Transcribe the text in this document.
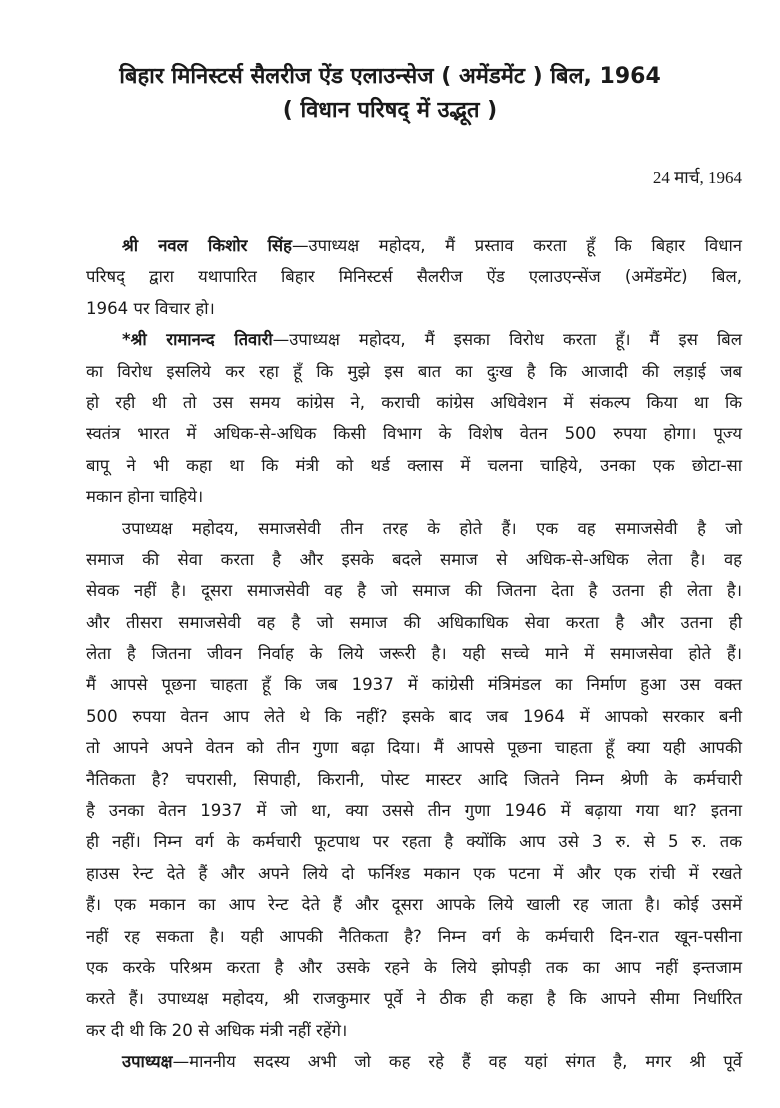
बिहार मिनिस्टर्स सैलरीज ऐंड एलाउन्सेज ( अमेंडमेंट ) बिल, 1964
( विधान परिषद् में उद्भूत )
24 मार्च, 1964
श्री नवल किशोर सिंह—उपाध्यक्ष महोदय, मैं प्रस्ताव करता हूँ कि बिहार विधान
परिषद् द्वारा यथापारित बिहार मिनिस्टर्स सैलरीज ऐंड एलाउएन्सेंज (अमेंडमेंट) बिल,
1964 पर विचार हो।
*श्री रामानन्द तिवारी—उपाध्यक्ष महोदय, मैं इसका विरोध करता हूँ। मैं इस बिल
का विरोध इसलिये कर रहा हूँ कि मुझे इस बात का दुःख है कि आजादी की लड़ाई जब
हो रही थी तो उस समय कांग्रेस ने, कराची कांग्रेस अधिवेशन में संकल्प किया था कि
स्वतंत्र भारत में अधिक-से-अधिक किसी विभाग के विशेष वेतन 500 रुपया होगा। पूज्य
बापू ने भी कहा था कि मंत्री को थर्ड क्लास में चलना चाहिये, उनका एक छोटा-सा
मकान होना चाहिये।
उपाध्यक्ष महोदय, समाजसेवी तीन तरह के होते हैं। एक वह समाजसेवी है जो
समाज की सेवा करता है और इसके बदले समाज से अधिक-से-अधिक लेता है। वह
सेवक नहीं है। दूसरा समाजसेवी वह है जो समाज की जितना देता है उतना ही लेता है।
और तीसरा समाजसेवी वह है जो समाज की अधिकाधिक सेवा करता है और उतना ही
लेता है जितना जीवन निर्वाह के लिये जरूरी है। यही सच्चे माने में समाजसेवा होते हैं।
मैं आपसे पूछना चाहता हूँ कि जब 1937 में कांग्रेसी मंत्रिमंडल का निर्माण हुआ उस वक्त
500 रुपया वेतन आप लेते थे कि नहीं? इसके बाद जब 1964 में आपको सरकार बनी
तो आपने अपने वेतन को तीन गुणा बढ़ा दिया। मैं आपसे पूछना चाहता हूँ क्या यही आपकी
नैतिकता है? चपरासी, सिपाही, किरानी, पोस्ट मास्टर आदि जितने निम्न श्रेणी के कर्मचारी
है उनका वेतन 1937 में जो था, क्या उससे तीन गुणा 1946 में बढ़ाया गया था? इतना
ही नहीं। निम्न वर्ग के कर्मचारी फूटपाथ पर रहता है क्योंकि आप उसे 3 रु. से 5 रु. तक
हाउस रेन्ट देते हैं और अपने लिये दो फर्निश्ड मकान एक पटना में और एक रांची में रखते
हैं। एक मकान का आप रेन्ट देते हैं और दूसरा आपके लिये खाली रह जाता है। कोई उसमें
नहीं रह सकता है। यही आपकी नैतिकता है? निम्न वर्ग के कर्मचारी दिन-रात खून-पसीना
एक करके परिश्रम करता है और उसके रहने के लिये झोपड़ी तक का आप नहीं इन्तजाम
करते हैं। उपाध्यक्ष महोदय, श्री राजकुमार पूर्वे ने ठीक ही कहा है कि आपने सीमा निर्धारित
कर दी थी कि 20 से अधिक मंत्री नहीं रहेंगे।
उपाध्यक्ष—माननीय सदस्य अभी जो कह रहे हैं वह यहां संगत है, मगर श्री पूर्वे
